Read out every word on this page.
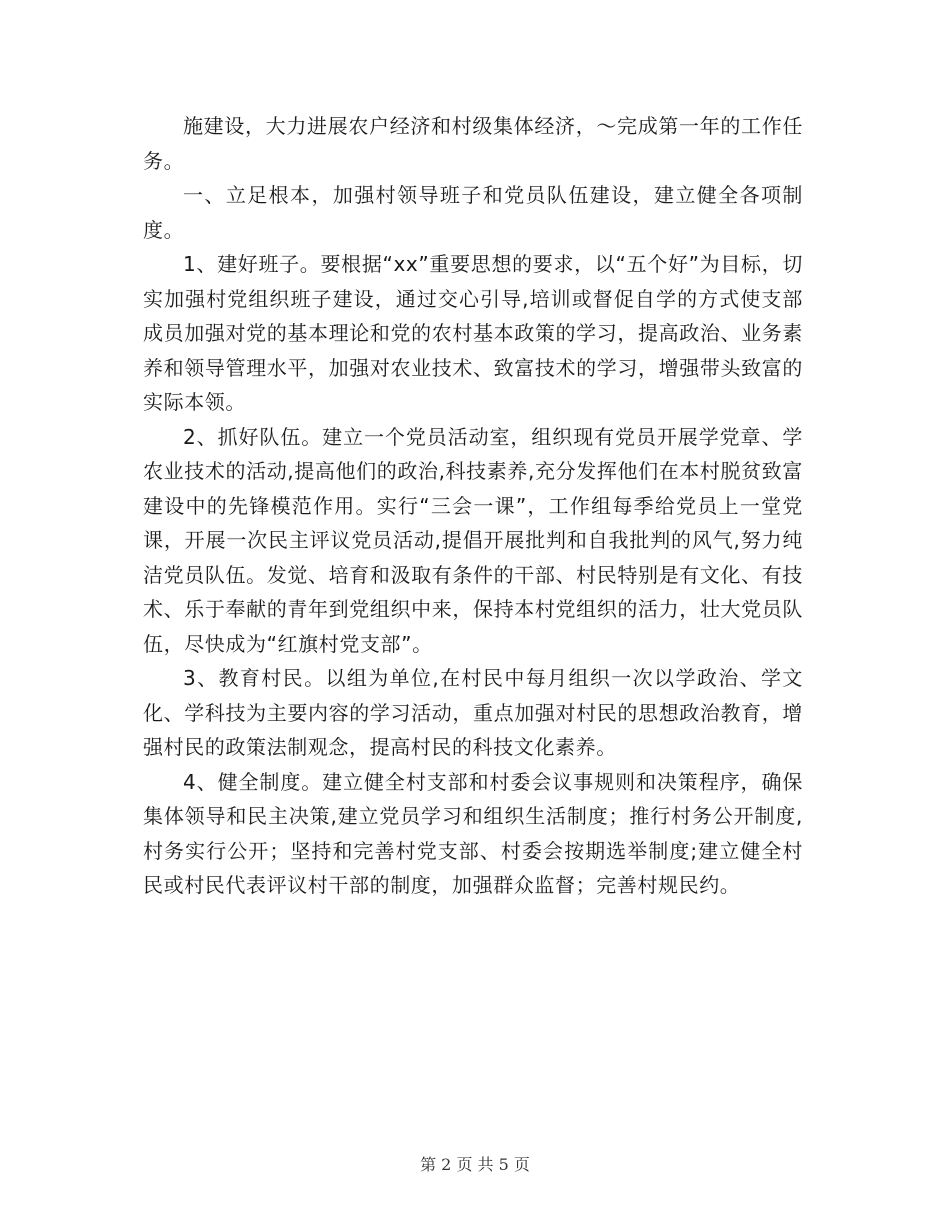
施建设，大力进展农户经济和村级集体经济，～完成第一年的工作任务。

一、立足根本，加强村领导班子和党员队伍建设，建立健全各项制度。

1、建好班子。要根据“xx”重要思想的要求，以“五个好”为目标，切实加强村党组织班子建设，通过交心引导,培训或督促自学的方式使支部成员加强对党的基本理论和党的农村基本政策的学习，提高政治、业务素养和领导管理水平，加强对农业技术、致富技术的学习，增强带头致富的实际本领。

2、抓好队伍。建立一个党员活动室，组织现有党员开展学党章、学农业技术的活动,提高他们的政治,科技素养,充分发挥他们在本村脱贫致富建设中的先锋模范作用。实行“三会一课”，工作组每季给党员上一堂党课，开展一次民主评议党员活动,提倡开展批判和自我批判的风气,努力纯洁党员队伍。发觉、培育和汲取有条件的干部、村民特别是有文化、有技术、乐于奉献的青年到党组织中来，保持本村党组织的活力，壮大党员队伍，尽快成为“红旗村党支部”。

3、教育村民。以组为单位,在村民中每月组织一次以学政治、学文化、学科技为主要内容的学习活动，重点加强对村民的思想政治教育，增强村民的政策法制观念，提高村民的科技文化素养。

4、健全制度。建立健全村支部和村委会议事规则和决策程序，确保集体领导和民主决策,建立党员学习和组织生活制度；推行村务公开制度,村务实行公开；坚持和完善村党支部、村委会按期选举制度;建立健全村民或村民代表评议村干部的制度，加强群众监督；完善村规民约。

第 2 页 共 5 页
